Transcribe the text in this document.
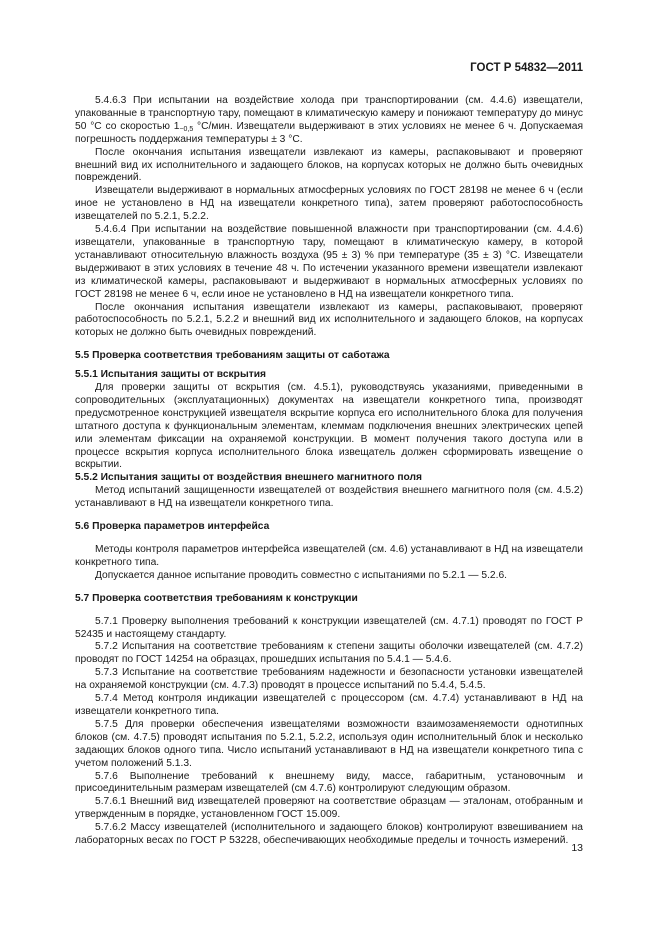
ГОСТ Р 54832—2011

5.4.6.3 При испытании на воздействие холода при транспортировании (см. 4.4.6) извещатели, упакованные в транспортную тару, помещают в климатическую камеру и понижают температуру до минус 50 °С со скоростью $1_{-0,5}$ °С/мин. Извещатели выдерживают в этих условиях не менее 6 ч. Допускаемая погрешность поддержания температуры ± 3 °С.

После окончания испытания извещатели извлекают из камеры, распаковывают и проверяют внешний вид их исполнительного и задающего блоков, на корпусах которых не должно быть очевидных повреждений.

Извещатели выдерживают в нормальных атмосферных условиях по ГОСТ 28198 не менее 6 ч (если иное не установлено в НД на извещатели конкретного типа), затем проверяют работоспособность извещателей по 5.2.1, 5.2.2.

5.4.6.4 При испытании на воздействие повышенной влажности при транспортировании (см. 4.4.6) извещатели, упакованные в транспортную тару, помещают в климатическую камеру, в которой устанавливают относительную влажность воздуха (95 ± 3) % при температуре (35 ± 3) °С. Извещатели выдерживают в этих условиях в течение 48 ч. По истечении указанного времени извещатели извлекают из климатической камеры, распаковывают и выдерживают в нормальных атмосферных условиях по ГОСТ 28198 не менее 6 ч, если иное не установлено в НД на извещатели конкретного типа.

После окончания испытания извещатели извлекают из камеры, распаковывают, проверяют работоспособность по 5.2.1, 5.2.2 и внешний вид их исполнительного и задающего блоков, на корпусах которых не должно быть очевидных повреждений.

5.5 Проверка соответствия требованиям защиты от саботажа
5.5.1 Испытания защиты от вскрытия

Для проверки защиты от вскрытия (см. 4.5.1), руководствуясь указаниями, приведенными в сопроводительных (эксплуатационных) документах на извещатели конкретного типа, производят предусмотренное конструкцией извещателя вскрытие корпуса его исполнительного блока для получения штатного доступа к функциональным элементам, клеммам подключения внешних электрических цепей или элементам фиксации на охраняемой конструкции. В момент получения такого доступа или в процессе вскрытия корпуса исполнительного блока извещатель должен сформировать извещение о вскрытии.

5.5.2 Испытания защиты от воздействия внешнего магнитного поля

Метод испытаний защищенности извещателей от воздействия внешнего магнитного поля (см. 4.5.2) устанавливают в НД на извещатели конкретного типа.

5.6 Проверка параметров интерфейса

Методы контроля параметров интерфейса извещателей (см. 4.6) устанавливают в НД на извещатели конкретного типа.

Допускается данное испытание проводить совместно с испытаниями по 5.2.1 — 5.2.6.

5.7 Проверка соответствия требованиям к конструкции

5.7.1 Проверку выполнения требований к конструкции извещателей (см. 4.7.1) проводят по ГОСТ Р 52435 и настоящему стандарту.

5.7.2 Испытания на соответствие требованиям к степени защиты оболочки извещателей (см. 4.7.2) проводят по ГОСТ 14254 на образцах, прошедших испытания по 5.4.1 — 5.4.6.

5.7.3 Испытание на соответствие требованиям надежности и безопасности установки извещателей на охраняемой конструкции (см. 4.7.3) проводят в процессе испытаний по 5.4.4, 5.4.5.

5.7.4 Метод контроля индикации извещателей с процессором (см. 4.7.4) устанавливают в НД на извещатели конкретного типа.

5.7.5 Для проверки обеспечения извещателями возможности взаимозаменяемости однотипных блоков (см. 4.7.5) проводят испытания по 5.2.1, 5.2.2, используя один исполнительный блок и несколько задающих блоков одного типа. Число испытаний устанавливают в НД на извещатели конкретного типа с учетом положений 5.1.3.

5.7.6 Выполнение требований к внешнему виду, массе, габаритным, установочным и присоединительным размерам извещателей (см 4.7.6) контролируют следующим образом.

5.7.6.1 Внешний вид извещателей проверяют на соответствие образцам — эталонам, отобранным и утвержденным в порядке, установленном ГОСТ 15.009.

5.7.6.2 Массу извещателей (исполнительного и задающего блоков) контролируют взвешиванием на лабораторных весах по ГОСТ Р 53228, обеспечивающих необходимые пределы и точность измерений.

13
